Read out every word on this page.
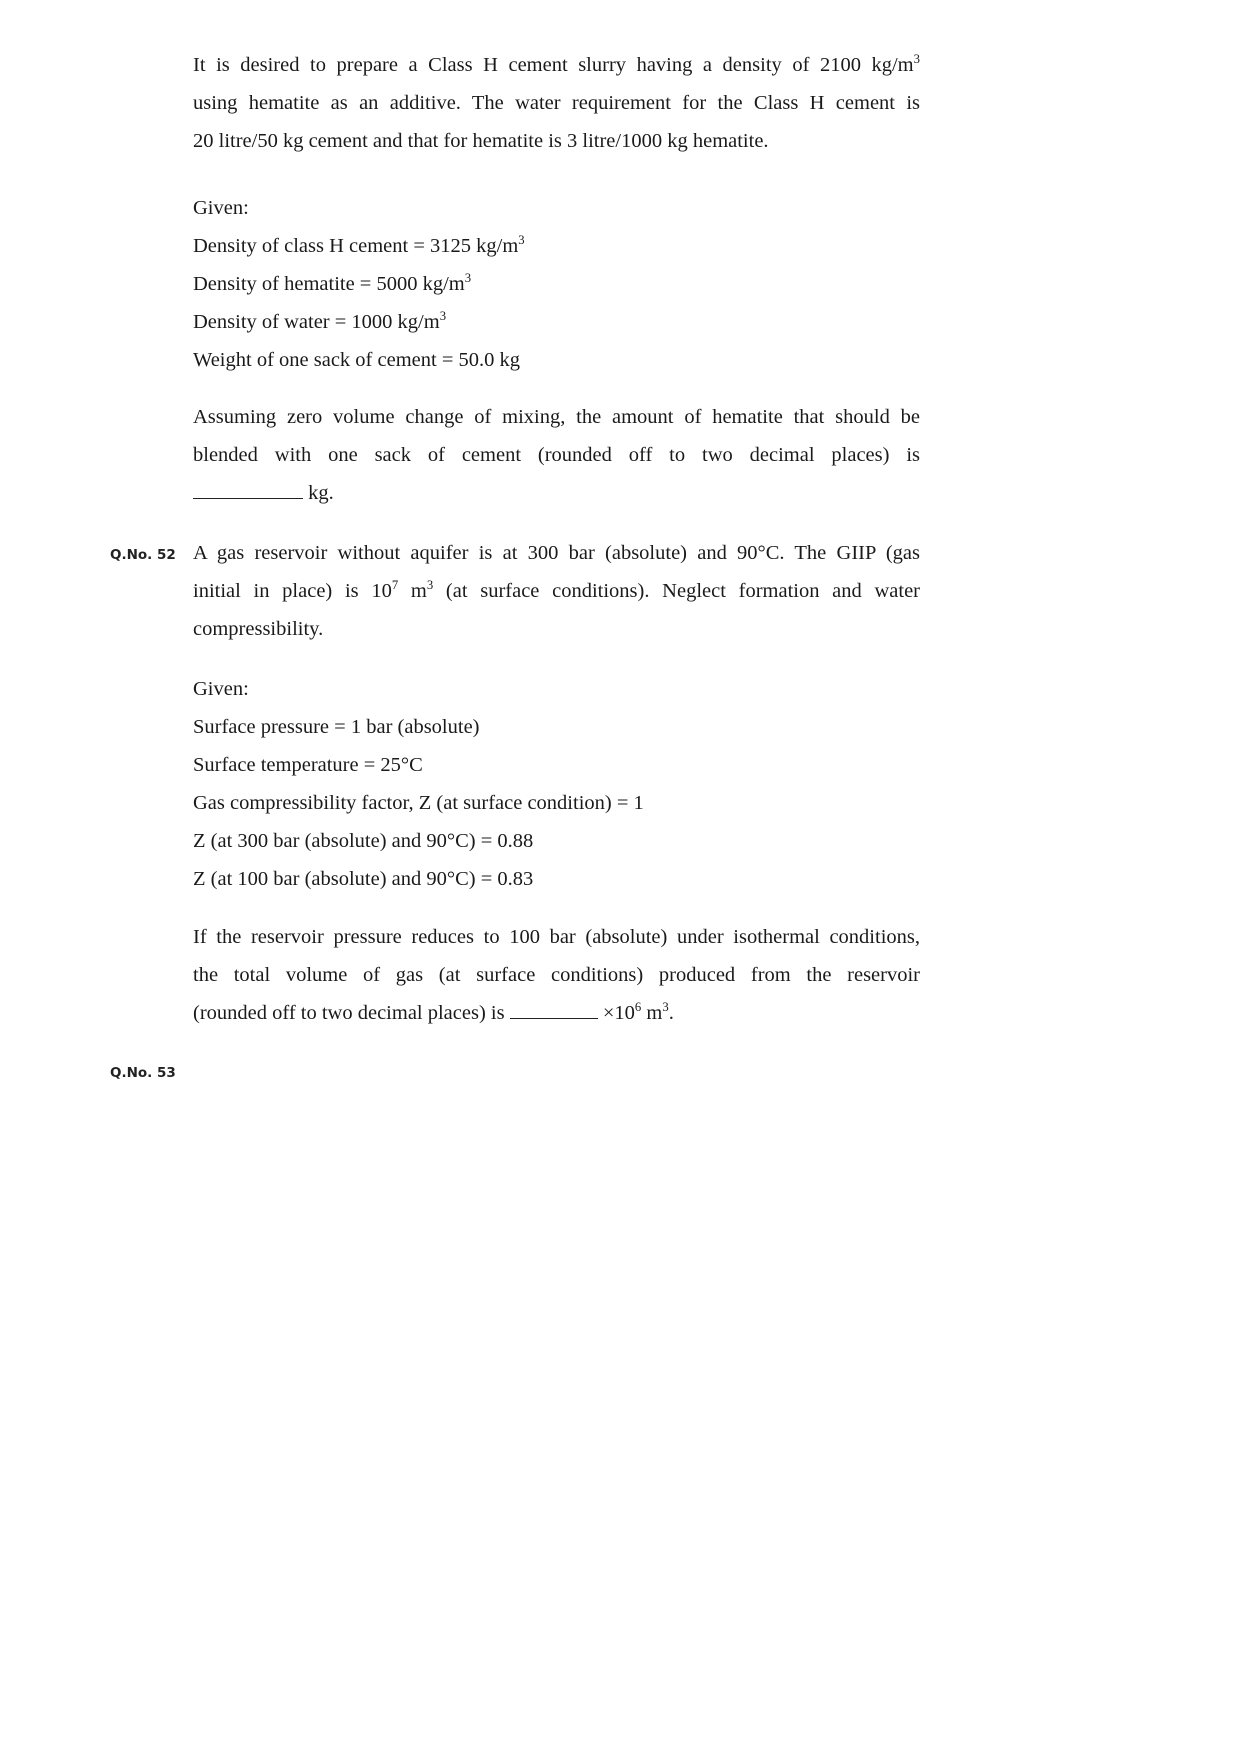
It is desired to prepare a Class H cement slurry having a density of 2100 $kg/m^3$
using hematite as an additive. The water requirement for the Class H cement is
20 litre/50 kg cement and that for hematite is 3 litre/1000 kg hematite.
Given:
Density of class H cement = 3125 $kg/m^3$
Density of hematite = 5000 $kg/m^3$
Density of water = 1000 $kg/m^3$
Weight of one sack of cement = 50.0 kg
Assuming zero volume change of mixing, the amount of hematite that should be
blended with one sack of cement (rounded off to two decimal places) is
kg.
Q.No. 52 A gas reservoir without aquifer is at 300 bar (absolute) and 90°C. The GIIP (gas
initial in place) is $10^7$ $m^3$ (at surface conditions). Neglect formation and water
compressibility.
Given:
Surface pressure = 1 bar (absolute)
Surface temperature = 25°C
Gas compressibility factor, Z (at surface condition) = 1
Z (at 300 bar (absolute) and 90°C) = 0.88
Z (at 100 bar (absolute) and 90°C) = 0.83
If the reservoir pressure reduces to 100 bar (absolute) under isothermal conditions,
the total volume of gas (at surface conditions) produced from the reservoir
(rounded off to two decimal places) is	$\times 10^6$ $m^3$.
Q.No. 53
